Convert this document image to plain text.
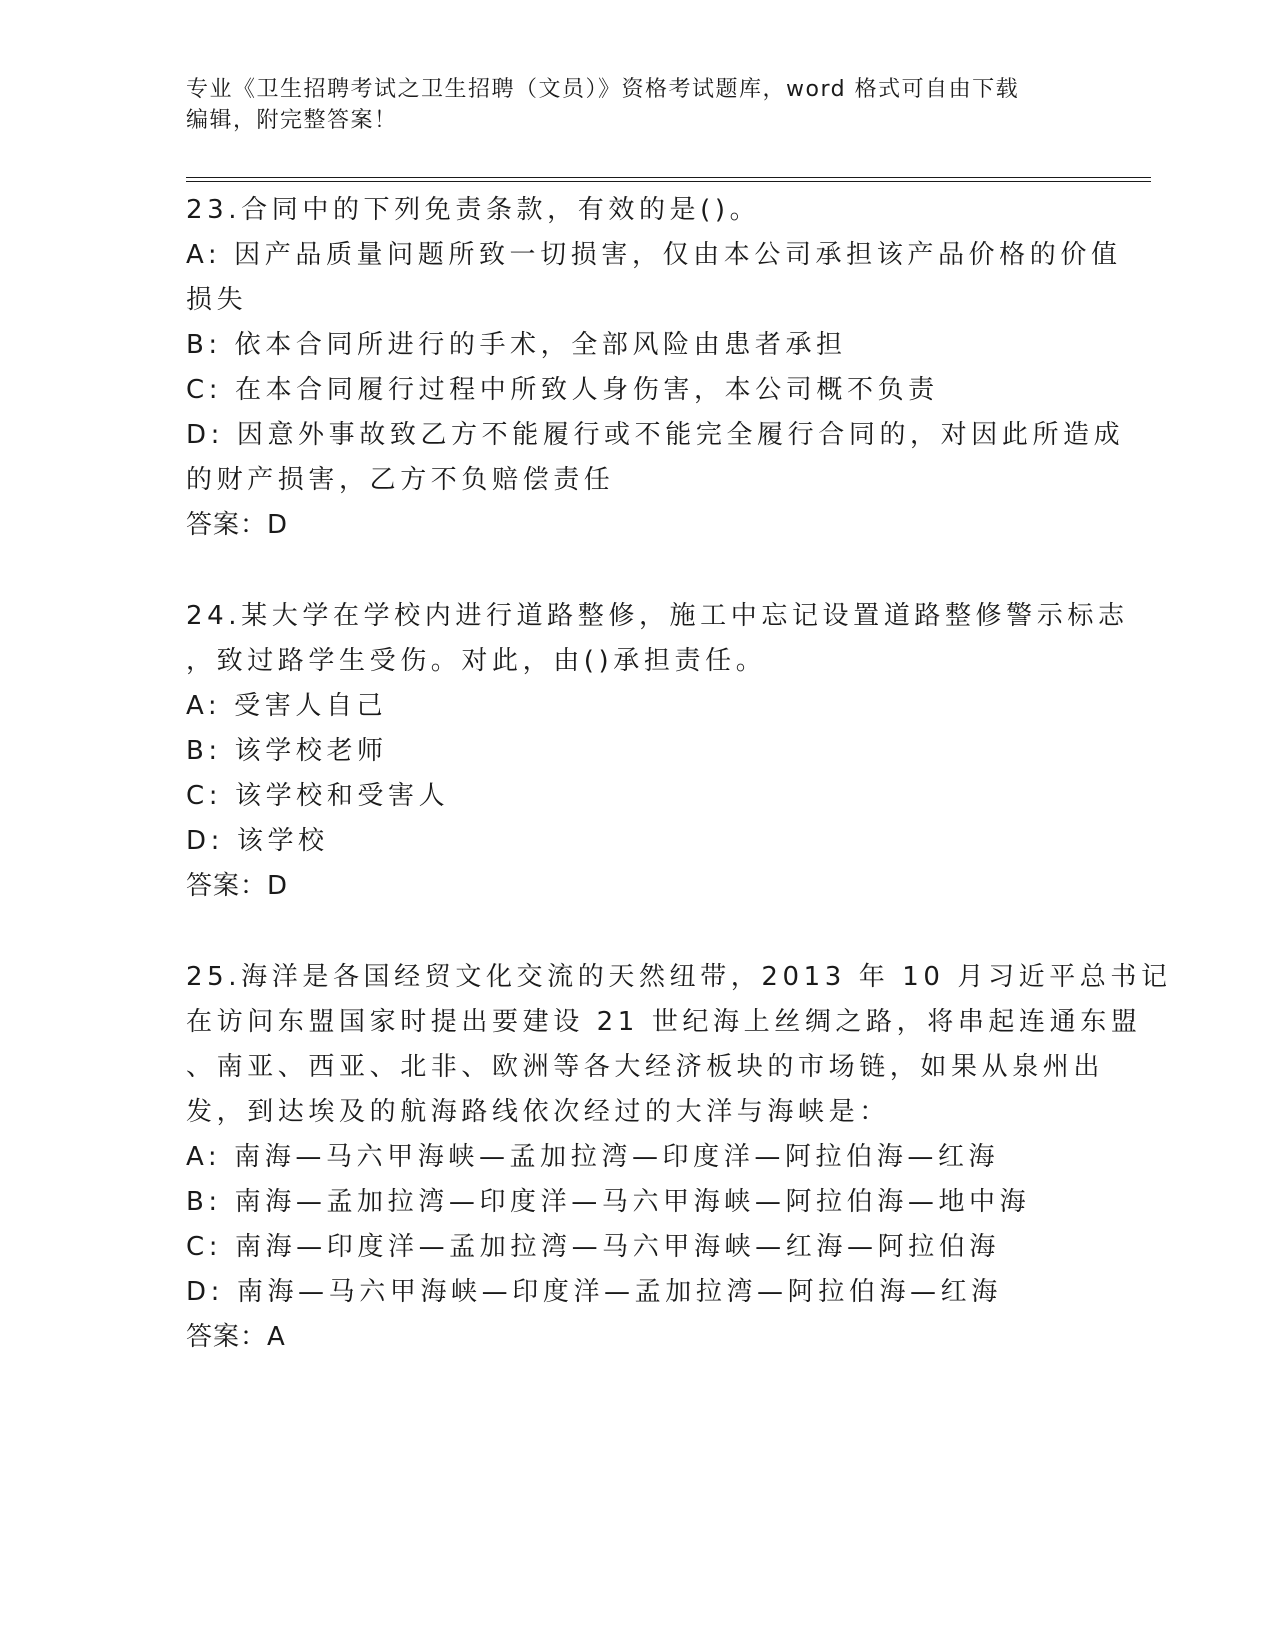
专业《卫生招聘考试之卫生招聘（文员）》资格考试题库，word 格式可自由下载
编辑，附完整答案！
23.合同中的下列免责条款，有效的是()。
A: 因产品质量问题所致一切损害，仅由本公司承担该产品价格的价值
损失
B: 依本合同所进行的手术，全部风险由患者承担
C: 在本合同履行过程中所致人身伤害，本公司概不负责
D: 因意外事故致乙方不能履行或不能完全履行合同的，对因此所造成
的财产损害，乙方不负赔偿责任
答案：D
24.某大学在学校内进行道路整修，施工中忘记设置道路整修警示标志
，致过路学生受伤。对此，由()承担责任。
A: 受害人自己
B: 该学校老师
C: 该学校和受害人
D: 该学校
答案：D
25.海洋是各国经贸文化交流的天然纽带，2013 年 10 月习近平总书记
在访问东盟国家时提出要建设 21 世纪海上丝绸之路，将串起连通东盟
、南亚、西亚、北非、欧洲等各大经济板块的市场链，如果从泉州出
发，到达埃及的航海路线依次经过的大洋与海峡是：
A: 南海—马六甲海峡—孟加拉湾—印度洋—阿拉伯海—红海
B: 南海—孟加拉湾—印度洋—马六甲海峡—阿拉伯海—地中海
C: 南海—印度洋—孟加拉湾—马六甲海峡—红海—阿拉伯海
D: 南海—马六甲海峡—印度洋—孟加拉湾—阿拉伯海—红海
答案：A
